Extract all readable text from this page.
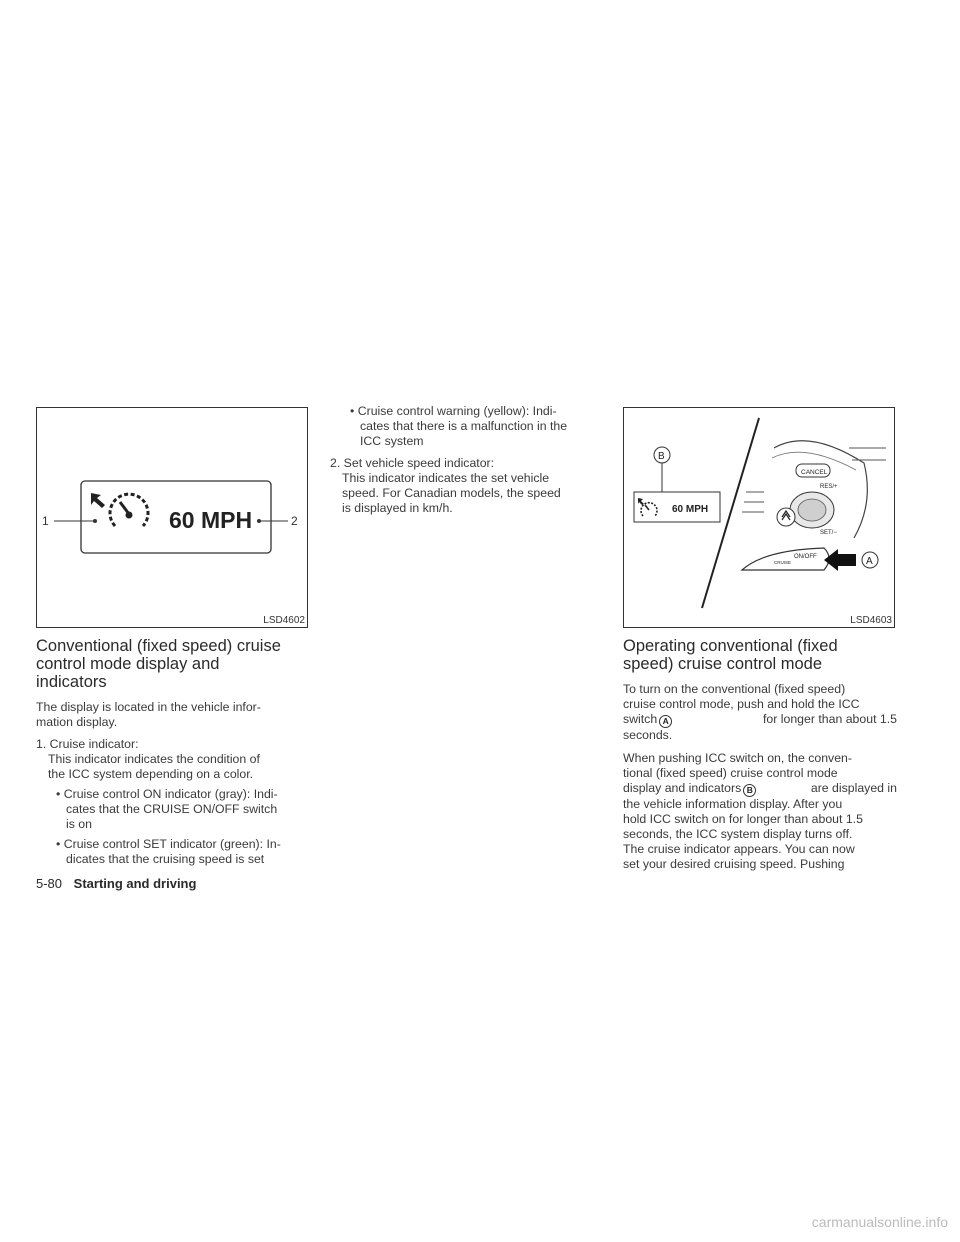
60 MPH
1	2
LSD4602
Conventional (fixed speed) cruise
control mode display and
indicators
The display is located in the vehicle infor-
mation display.
1. Cruise indicator:
This indicator indicates the condition of
the ICC system depending on a color.
• Cruise control ON indicator (gray): Indi-
cates that the CRUISE ON/OFF switch
is on
• Cruise control SET indicator (green): In-
dicates that the cruising speed is set
• Cruise control warning (yellow): Indi-
cates that there is a malfunction in the
ICC system
2. Set vehicle speed indicator:
This indicator indicates the set vehicle
speed. For Canadian models, the speed
is displayed in km/h.	60 MPH
B
CANCEL
RES/+
SET/−
CRUISE
ON/OFF	A
LSD4603
Operating conventional (fixed
speed) cruise control mode
To turn on the conventional (fixed speed)
cruise control mode, push and hold the ICC
switch A	for longer than about 1.5
seconds.
When pushing ICC switch on, the conven-
tional (fixed speed) cruise control mode
display and indicators B	are displayed in
the vehicle information display. After you
hold ICC switch on for longer than about 1.5
seconds, the ICC system display turns off.
The cruise indicator appears. You can now
set your desired cruising speed. Pushing
5-80 Starting and driving
carmanualsonline.info
